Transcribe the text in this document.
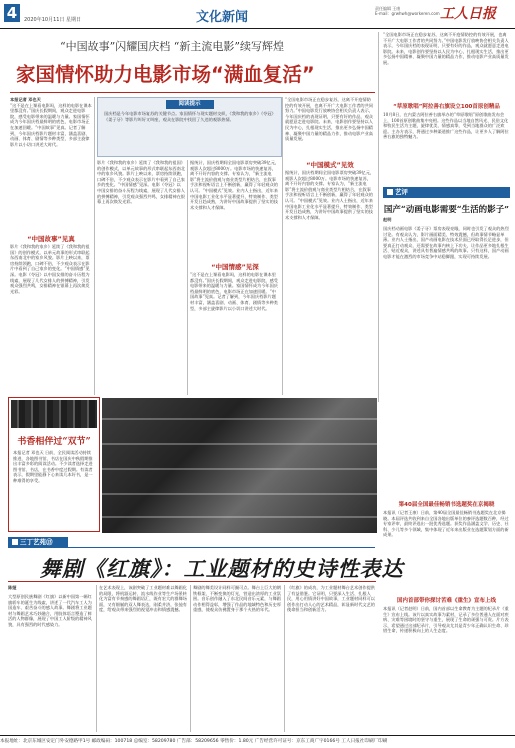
4	2020年10月11日 星期日	文化新闻
责任编辑 王康
E-mail：grwhwh@workeren.com 工人日报
“中国故事”闪耀国庆档 “新主流电影”续写辉煌
家国情怀助力电影市场“满血复活”
本报记者 邓也天
“这不是在上课看电影吗，这样的电影在课本里都没有。”国庆长假期间，观众走进电影院，感受电影带来的温暖与力量。家国情怀成为今年国庆档最鲜明的底色，电影市场正在加速回暖。“中国故事”见真。记者了解到，今年国庆档影片题材丰富，涵盖喜剧、动画、体育、剧情等多种类型，多部主旋律影片以小切口讲述大时代。
“中国故事”见真
影片《我和我的家乡》延续了《我和我的祖国》的创作模式，以单元故事的形式串联起东西南北中的家乡风貌。影片上映以来，票房持续领跑，口碑不俗，不少观众表示在影片中看到了自己家乡的变化。“中国情感”见深。电影《夺冠》以中国女排的奋斗历程为线索，展现了几代女排人的拼搏精神，引发观众强烈共鸣，女排精神在银幕上再次焕发光彩。
阅读提示
国庆档是今年电影市场复苏的关键节点。家国情怀与现实题材交织，《我和我的家乡》《夺冠》《姜子牙》等影片叫好又叫座，观众在影院中找回了久违的观影热情。
影片《我和我的家乡》延续了《我和我的祖国》的创作模式，以单元故事的形式串联起东西南北中的家乡风貌。影片上映以来，票房持续领跑，口碑不俗，不少观众表示在影片中看到了自己家乡的变化。“中国情感”见深。电影《夺冠》以中国女排的奋斗历程为线索，展现了几代女排人的拼搏精神，引发观众强烈共鸣，女排精神在银幕上再次焕发光彩。
据统计，国庆档期间全国电影票房突破39亿元，观影人次超过8000万。电影市场的快速复苏，离不开好内容的支撑。专家认为，“新主流电影”将主流价值观与商业类型片相结合，在叙事手法和视听语言上不断创新，赢得了年轻观众的认可。“中国模式”见效。业内人士指出，近年来中国电影工业化水平显著提升，特效制作、类型开发日趋成熟，为讲好中国故事提供了坚实的技术支撑和人才保障。
“中国情感”见深
“这不是在上课看电影吗，这样的电影在课本里都没有。”国庆长假期间，观众走进电影院，感受电影带来的温暖与力量。家国情怀成为今年国庆档最鲜明的底色，电影市场正在加速回暖。“中国故事”见真。记者了解到，今年国庆档影片题材丰富，涵盖喜剧、动画、体育、剧情等多种类型，多部主旋律影片以小切口讲述大时代。
“全国电影市场正在稳步复苏，这离不开疫情防控的有效开展，也离不开广大电影工作者的共同努力。”中国电影发行放映协会相关负责人表示，今年国庆档的表现证明，只要有好的作品，观众就愿意走进电影院。未来，电影创作要坚持以人民为中心，扎根现实生活，推出更多弘扬中国精神、凝聚中国力量的精品力作，推动电影产业高质量发展。
“中国模式”见效
据统计，国庆档期间全国电影票房突破39亿元，观影人次超过8000万。电影市场的快速复苏，离不开好内容的支撑。专家认为，“新主流电影”将主流价值观与商业类型片相结合，在叙事手法和视听语言上不断创新，赢得了年轻观众的认可。“中国模式”见效。业内人士指出，近年来中国电影工业化水平显著提升，特效制作、类型开发日趋成熟，为讲好中国故事提供了坚实的技术支撑和人才保障。
书香相伴过“双节”
本报记者 邓也天 日前，全民阅读活动持续推进，各地图书馆、书店在国庆中秋假期推出丰富多彩的阅读活动。不少读者选择走进图书馆、书店，在书香中度过假期。有读者表示，假期里能静下心来读几本好书，是一种难得的享受。
“全国电影市场正在稳步复苏，这离不开疫情防控的有效开展，也离不开广大电影工作者的共同努力。”中国电影发行放映协会相关负责人表示，今年国庆档的表现证明，只要有好的作品，观众就愿意走进电影院。未来，电影创作要坚持以人民为中心，扎根现实生活，推出更多弘扬中国精神、凝聚中国力量的精品力作，推动电影产业高质量发展。
“草原歌唱”阿拉善右旗设立100首原创精品
10月8日，在内蒙古阿拉善右旗举办的“草原歌唱”原创歌曲发布会上，100首原创歌曲集中亮相。这些作品以当地自然风光、民俗文化和牧民生活为主题，旋律优美、情感真挚，受到当地群众的广泛欢迎。主办方表示，将通过多种渠道推广这些作品，让更多人了解阿拉善右旗的独特魅力。
艺评
国产“动画电影需要“生活的影子”
赵明
国庆档动画电影《姜子牙》票房表现亮眼，同时也引发了观众的热烈讨论。有观众认为，影片画面精美、特效震撼，但故事情节略显单薄。业内人士指出，国产动画电影在技术层面已经取得长足进步，但要真正打动观众，还需要在故事内核上下功夫，让作品更多地扎根生活、贴近观众，讲述具有普遍情感共鸣的故事。只有这样，国产动画电影才能在激烈的市场竞争中站稳脚跟，实现可持续发展。
第40届全国最佳畅销书选题奖在京揭晓
本报讯（记者王康）日前，第40届全国最佳畅销书选题奖在北京揭晓。本届评选共收到来自全国各地出版单位的参评选题数百种，经过专家评审，最终评选出一批优秀选题。获奖作品涵盖文学、历史、社科、少儿等多个领域，集中体现了近年来出版业在选题策划方面的新成果。
国内首部带你探讨苦难《重生》宣布上线
本报讯（记者赵明）日前，国内首部以生命教育为主题的纪录片《重生》宣布上线。该片以真实故事为素材，记录了多位普通人在面对疾病、灾难等困境时的坚守与重生，展现了生命的顽强与可贵。片方表示，希望通过这部纪录片，引导观众尤其是青少年正确认识生命、珍惜生命，传递积极向上的人生态度。
三丁艺苑⑬
舞剧《红旗》：工业题材的史诗性表达
陈娅
大型原创民族舞剧《红旗》以新中国第一辆红旗轿车的诞生为线索，讲述了一代汽车工人为国造车、艰苦奋斗的感人故事。舞剧将工业题材与舞蹈艺术巧妙融合，用肢体语言塑造了鲜活的人物群像，展现了中国工人阶级的精神风貌，具有强烈的时代感染力。
在艺术表现上，该剧突破了工业题材难以舞蹈化的局限，将机器运转、流水线作业等生产场景转化为富有节奏感的舞蹈语汇，既有宏大的群舞场面，又有细腻的双人舞表达，刚柔并济，张弛有度，给观众带来强烈的视觉冲击和情感震撼。
舞剧的舞美设计同样可圈可点。舞台上巨大的钢铁框架、不断变换的灯光，营造出浓厚的工业氛围。音乐创作融入了东北民间音乐元素，与舞蹈动作相得益彰，增强了作品的地域特色和历史厚重感，使观众仿佛置身于那个火热的年代。
《红旗》的成功，为工业题材舞台艺术创作提供了有益借鉴。它证明，只要深入生活、扎根人民，用心用情讲好中国故事，工业题材同样可以创作出打动人心的艺术精品，彰显新时代文艺的使命担当和创新活力。
本报地址：北京东城区安定门外安德路甲1号 邮政编码：100718 总编室：58209780 广告部：58209656 零售价：1.80元 广告经营许可证号：京东工商广字0166号 工人日报社印刷厂印刷
